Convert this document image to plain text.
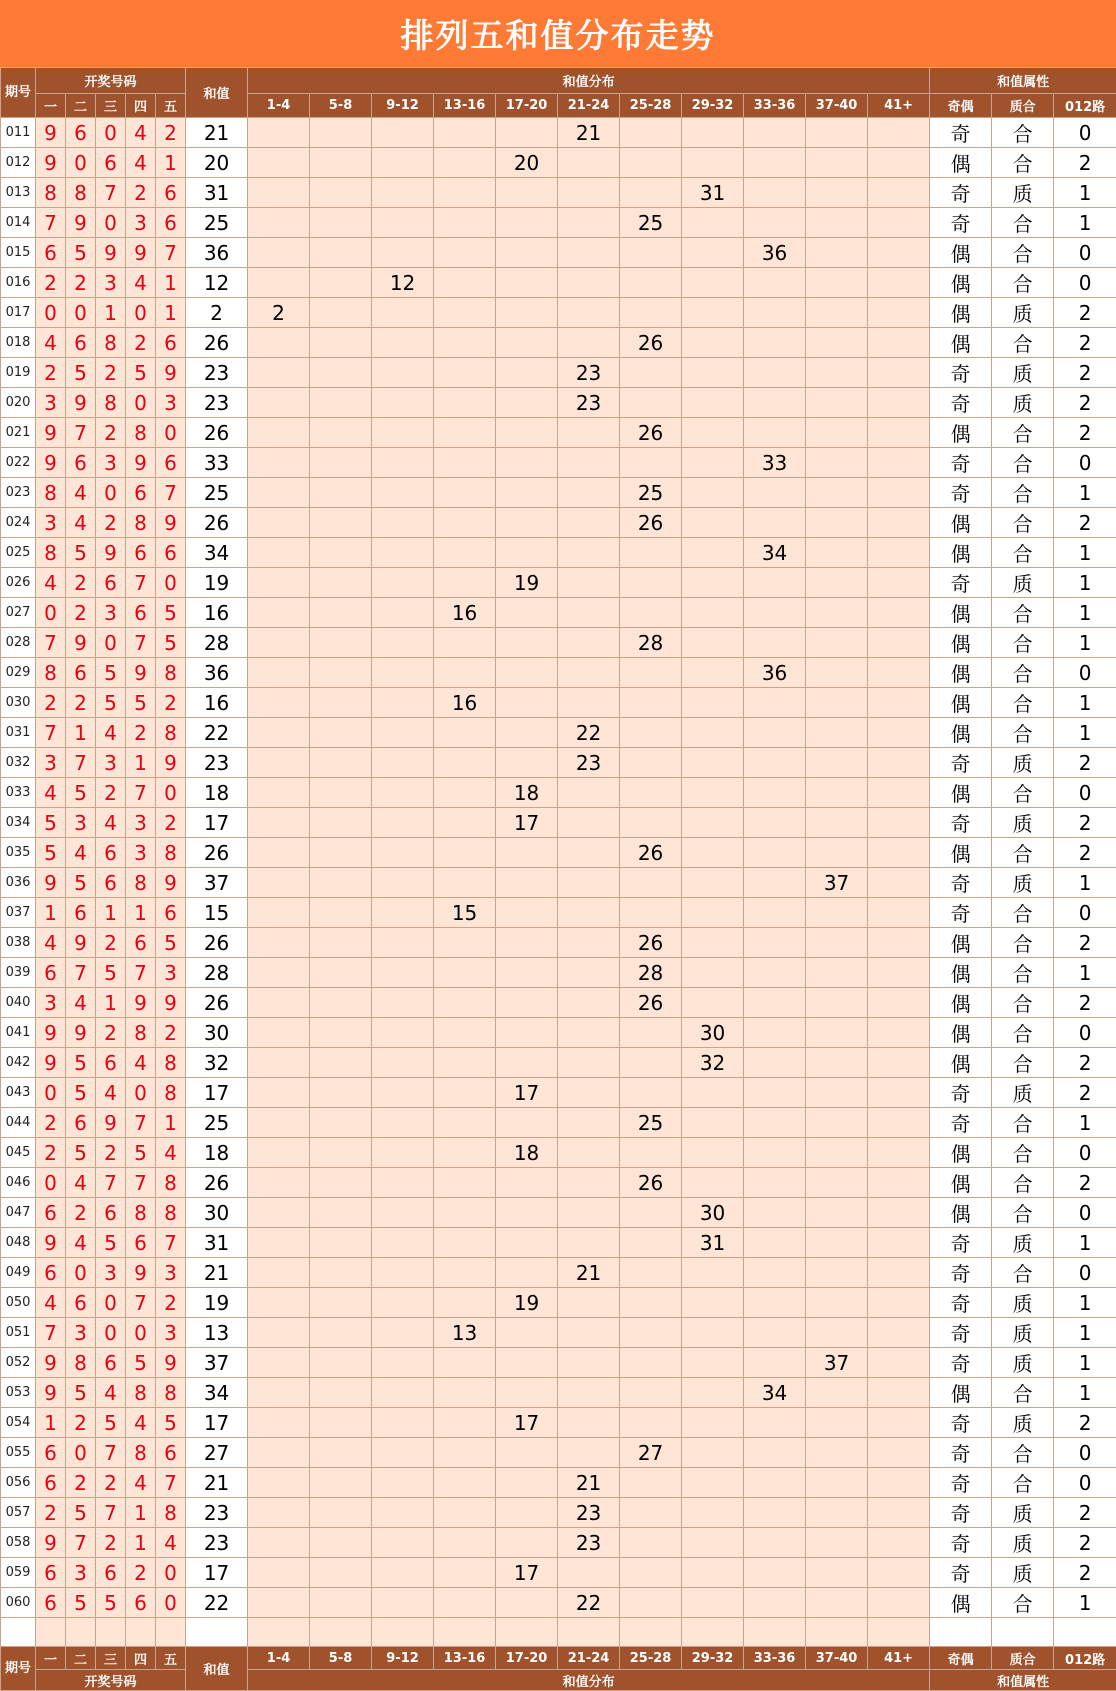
排列五和值分布走势
期号	开奖号码					和值	和值分布											和值属性		
	一	二	三	四	五		1-4	5-8	9-12	13-16	17-20	21-24	25-28	29-32	33-36	37-40	41+	奇偶	质合	012路
011	9	6	0	4	2	21						21						奇	合	0
012	9	0	6	4	1	20					20							偶	合	2
013	8	8	7	2	6	31								31				奇	质	1
014	7	9	0	3	6	25							25					奇	合	1
015	6	5	9	9	7	36									36			偶	合	0
016	2	2	3	4	1	12			12									偶	合	0
017	0	0	1	0	1	2	2											偶	质	2
018	4	6	8	2	6	26							26					偶	合	2
019	2	5	2	5	9	23						23						奇	质	2
020	3	9	8	0	3	23						23						奇	质	2
021	9	7	2	8	0	26							26					偶	合	2
022	9	6	3	9	6	33									33			奇	合	0
023	8	4	0	6	7	25							25					奇	合	1
024	3	4	2	8	9	26							26					偶	合	2
025	8	5	9	6	6	34									34			偶	合	1
026	4	2	6	7	0	19					19							奇	质	1
027	0	2	3	6	5	16				16								偶	合	1
028	7	9	0	7	5	28							28					偶	合	1
029	8	6	5	9	8	36									36			偶	合	0
030	2	2	5	5	2	16				16								偶	合	1
031	7	1	4	2	8	22						22						偶	合	1
032	3	7	3	1	9	23						23						奇	质	2
033	4	5	2	7	0	18					18							偶	合	0
034	5	3	4	3	2	17					17							奇	质	2
035	5	4	6	3	8	26							26					偶	合	2
036	9	5	6	8	9	37										37		奇	质	1
037	1	6	1	1	6	15				15								奇	合	0
038	4	9	2	6	5	26							26					偶	合	2
039	6	7	5	7	3	28							28					偶	合	1
040	3	4	1	9	9	26							26					偶	合	2
041	9	9	2	8	2	30								30				偶	合	0
042	9	5	6	4	8	32								32				偶	合	2
043	0	5	4	0	8	17					17							奇	质	2
044	2	6	9	7	1	25							25					奇	合	1
045	2	5	2	5	4	18					18							偶	合	0
046	0	4	7	7	8	26							26					偶	合	2
047	6	2	6	8	8	30								30				偶	合	0
048	9	4	5	6	7	31								31				奇	质	1
049	6	0	3	9	3	21						21						奇	合	0
050	4	6	0	7	2	19					19							奇	质	1
051	7	3	0	0	3	13				13								奇	质	1
052	9	8	6	5	9	37										37		奇	质	1
053	9	5	4	8	8	34									34			偶	合	1
054	1	2	5	4	5	17					17							奇	质	2
055	6	0	7	8	6	27							27					奇	合	0
056	6	2	2	4	7	21						21						奇	合	0
057	2	5	7	1	8	23						23						奇	质	2
058	9	7	2	1	4	23						23						奇	质	2
059	6	3	6	2	0	17					17							奇	质	2
060	6	5	5	6	0	22						22						偶	合	1

期号	一	二	三	四	五	和值	1-4	5-8	9-12	13-16	17-20	21-24	25-28	29-32	33-36	37-40	41+	奇偶	质合	012路
	开奖号码						和值分布											和值属性		
